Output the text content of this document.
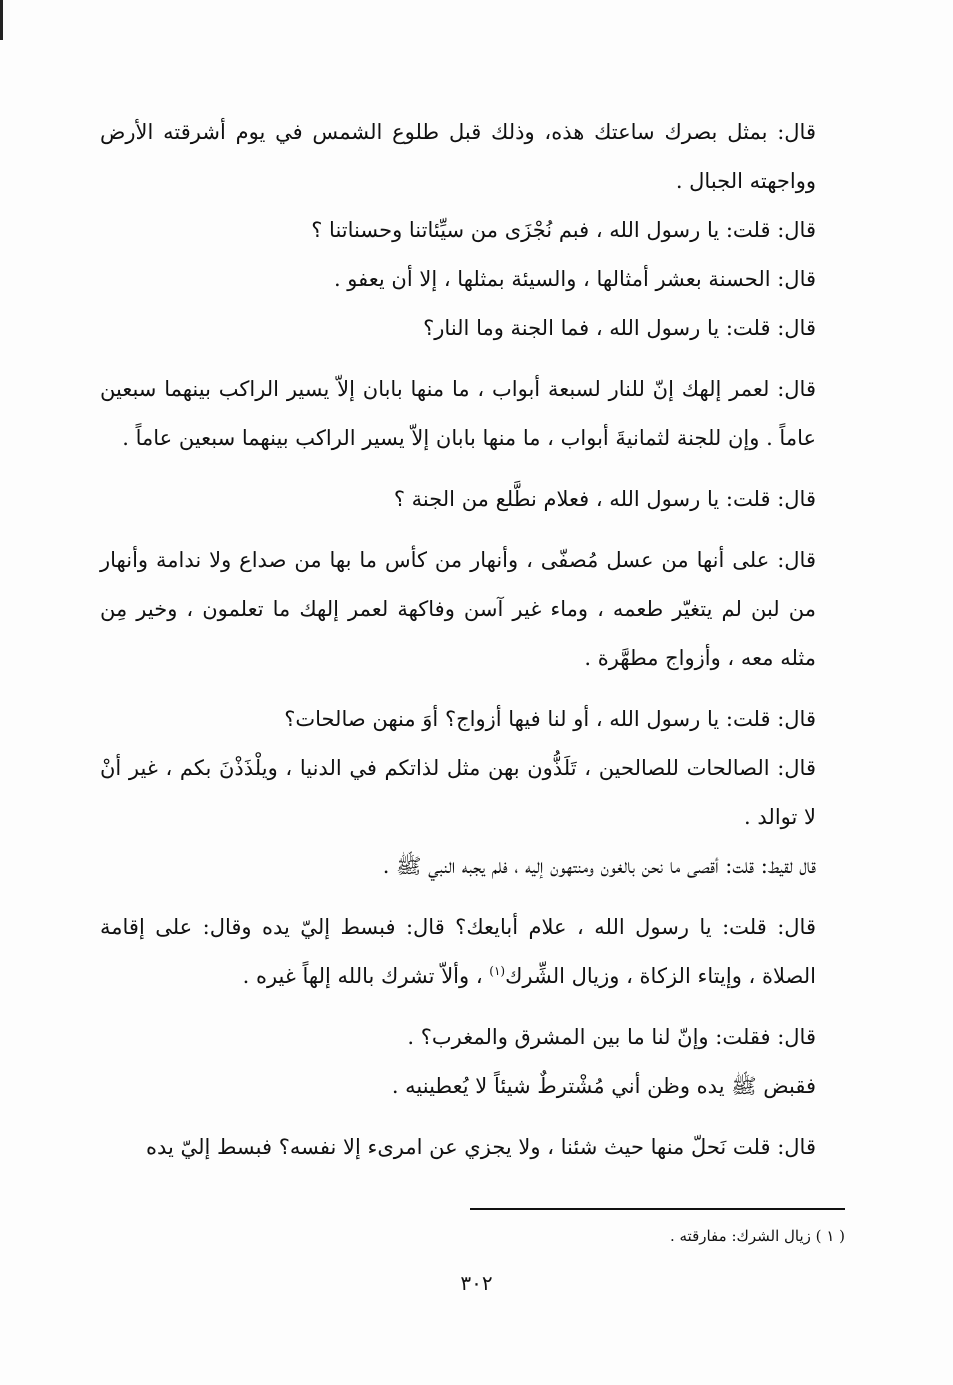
قال: بمثل بصرك ساعتك هذه، وذلك قبل طلوع الشمس في يوم أشرقته الأرض وواجهته الجبال .

قال: قلت: يا رسول الله ، فبم نُجْزَى من سيِّئاتنا وحسناتنا ؟

قال: الحسنة بعشر أمثالها ، والسيئة بمثلها ، إلا أن يعفو .

قال: قلت: يا رسول الله ، فما الجنة وما النار؟

قال: لعمر إلهك إنّ للنار لسبعة أبواب ، ما منها بابان إلاّ يسير الراكب بينهما سبعين عاماً . وإن للجنة لثمانيةَ أبواب ، ما منها بابان إلاّ يسير الراكب بينهما سبعين عاماً .

قال: قلت: يا رسول الله ، فعلام نطَّلع من الجنة ؟

قال: على أنها من عسل مُصفّى ، وأنهار من كأس ما بها من صداع ولا ندامة وأنهار من لبن لم يتغيّر طعمه ، وماء غير آسن وفاكهة لعمر إلهك ما تعلمون ، وخير مِن مثله معه ، وأزواج مطهَّرة .

قال: قلت: يا رسول الله ، أو لنا فيها أزواج؟ أوَ منهن صالحات؟

قال: الصالحات للصالحين ، تَلَذُّون بهن مثل لذاتكم في الدنيا ، ويلْذَذْنَ بكم ، غير أنْ لا توالد .

قال لقيط: قلت: أقصى ما نحن بالغون ومنتهون إليه ، فلم يجبه النبي ﷺ .

قال: قلت: يا رسول الله ، علام أبايعك؟ قال: فبسط إليّ يده وقال: على إقامة الصلاة ، وإيتاء الزكاة ، وزيال الشِّرك$^{(١)}$ ، وألاّ تشرك بالله إلهاً غيره .

قال: فقلت: وإنّ لنا ما بين المشرق والمغرب؟ .

فقبض ﷺ يده وظن أني مُشْترطٌ شيئاً لا يُعطينيه .

قال: قلت نَحلّ منها حيث شئنا ، ولا يجزي عن امرىء إلا نفسه؟ فبسط إليّ يده

( ١ ) زيال الشرك: مفارقته .
٣٠٢
